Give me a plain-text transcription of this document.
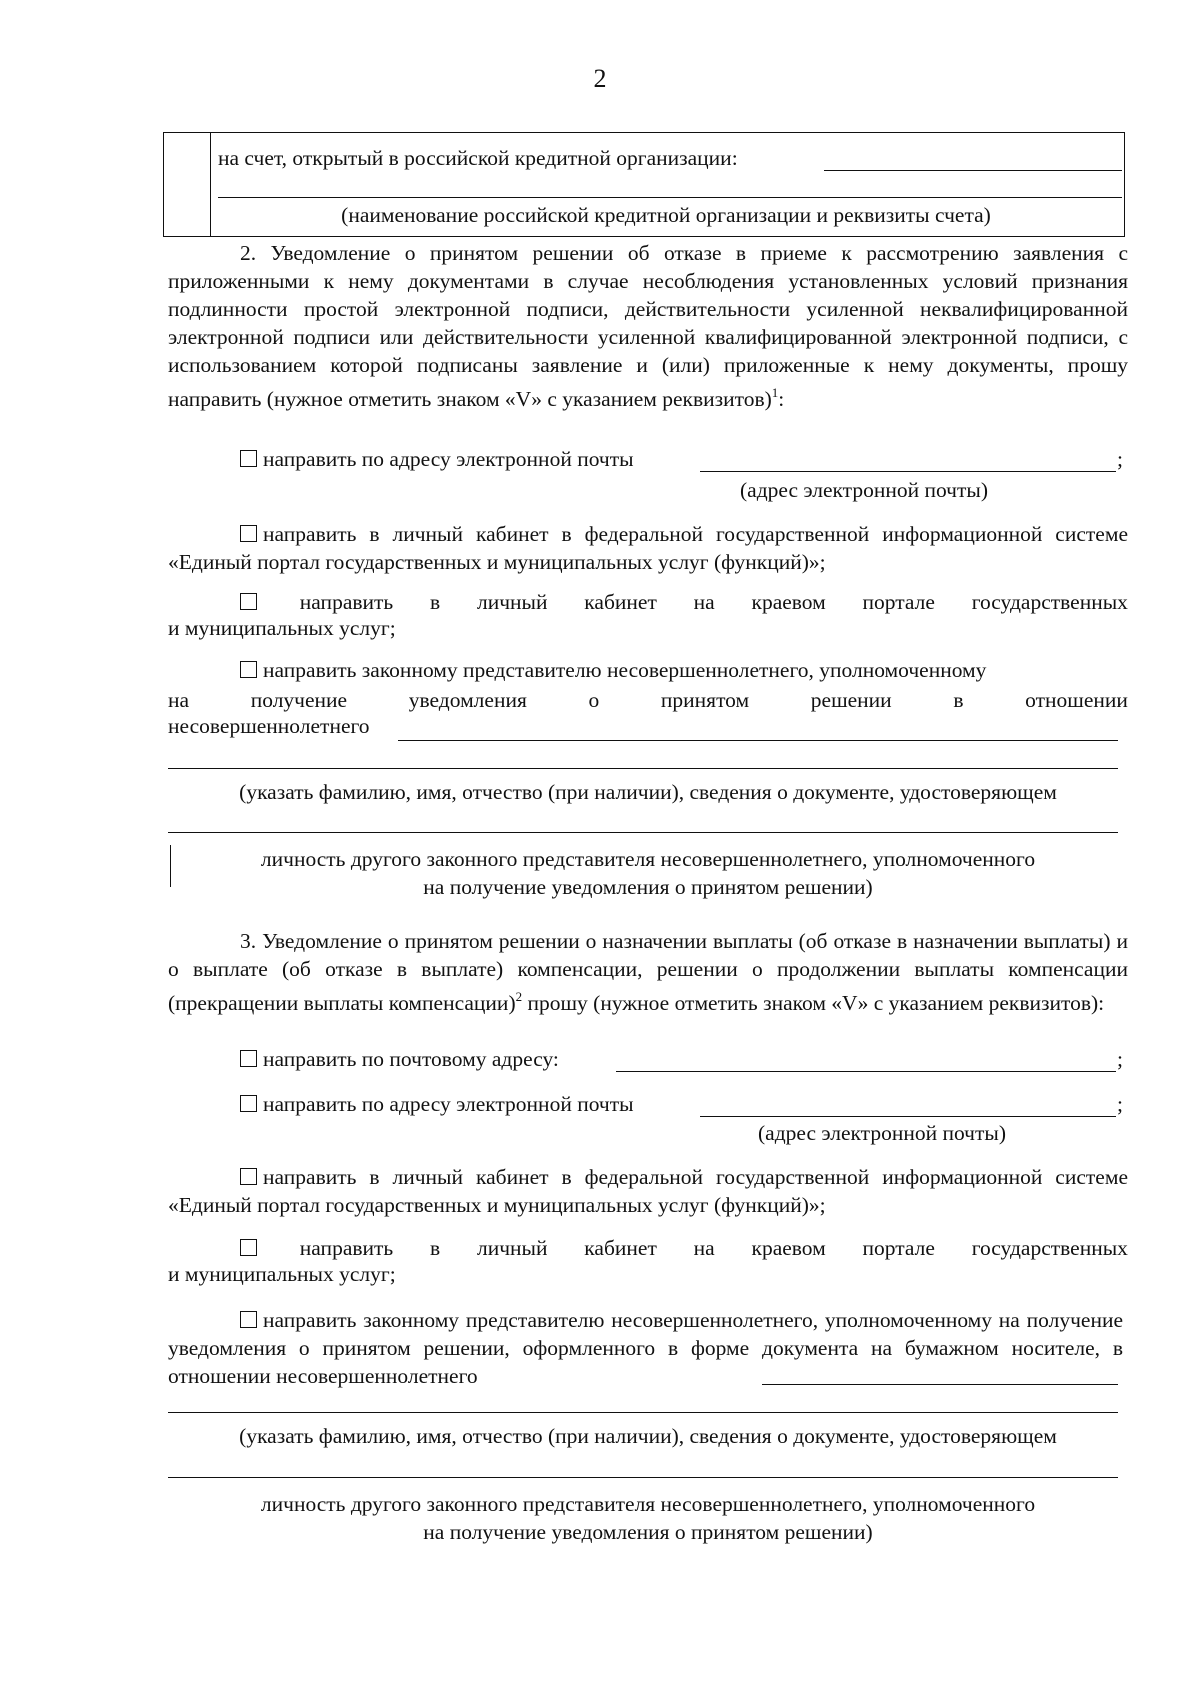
2
на счет, открытый в российской кредитной организации:
(наименование российской кредитной организации и реквизиты счета)
2. Уведомление о принятом решении об отказе в приеме к рассмотрению заявления с приложенными к нему документами в случае несоблюдения установленных условий признания подлинности простой электронной подписи, действительности усиленной неквалифицированной электронной подписи или действительности усиленной квалифицированной электронной подписи, с использованием которой подписаны заявление и (или) приложенные к нему документы, прошу направить (нужное отметить знаком «V» с указанием реквизитов)$^1$:
направить по адресу электронной почты	;
(адрес электронной почты)
направить в личный кабинет в федеральной государственной информационной системе «Единый портал государственных и муниципальных услуг (функций)»;
направить в личный кабинет на краевом портале государственных
и муниципальных услуг;
направить законному представителю несовершеннолетнего, уполномоченному
на	получение	уведомления	о	принятом	решении	в	отношении
несовершеннолетнего
(указать фамилию, имя, отчество (при наличии), сведения о документе, удостоверяющем
личность другого законного представителя несовершеннолетнего, уполномоченного
на получение уведомления о принятом решении)
3. Уведомление о принятом решении о назначении выплаты (об отказе в назначении выплаты) и о выплате (об отказе в выплате) компенсации, решении о продолжении выплаты компенсации (прекращении выплаты компенсации)$^2$ прошу (нужное отметить знаком «V» с указанием реквизитов):
направить по почтовому адресу:	;
направить по адресу электронной почты	;
(адрес электронной почты)
направить в личный кабинет в федеральной государственной информационной системе «Единый портал государственных и муниципальных услуг (функций)»;
направить в личный кабинет на краевом портале государственных
и муниципальных услуг;
направить законному представителю несовершеннолетнего, уполномоченному на получение уведомления о принятом решении, оформленного в форме документа на бумажном носителе, в отношении несовершеннолетнего
(указать фамилию, имя, отчество (при наличии), сведения о документе, удостоверяющем
личность другого законного представителя несовершеннолетнего, уполномоченного
на получение уведомления о принятом решении)
